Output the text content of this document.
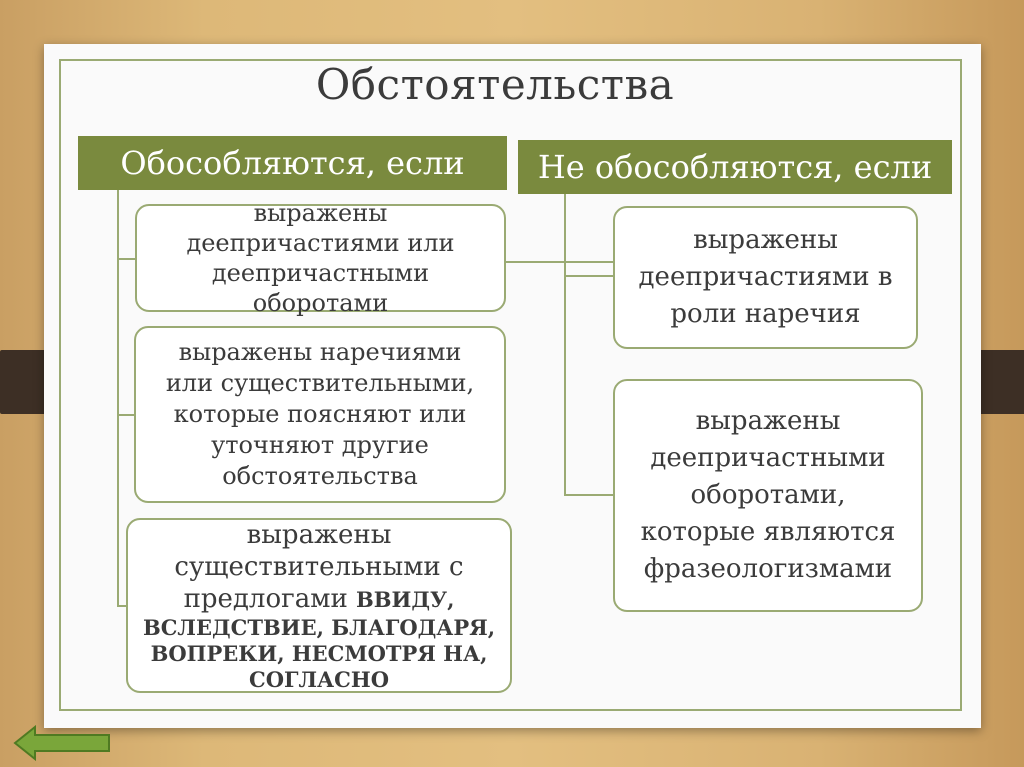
Обстоятельства
Обособляются, если	Не обособляются, если
выражены деепричастиями или деепричастными оборотами
выражены наречиями или существительными, которые поясняют или уточняют другие обстоятельства
выражены существительными с предлогами ВВИДУ,
ВСЛЕДСТВИЕ, БЛАГОДАРЯ,
ВОПРЕКИ, НЕСМОТРЯ НА,
СОГЛАСНО
выражены деепричастиями в роли наречия
выражены деепричастными оборотами, которые являются фразеологизмами
